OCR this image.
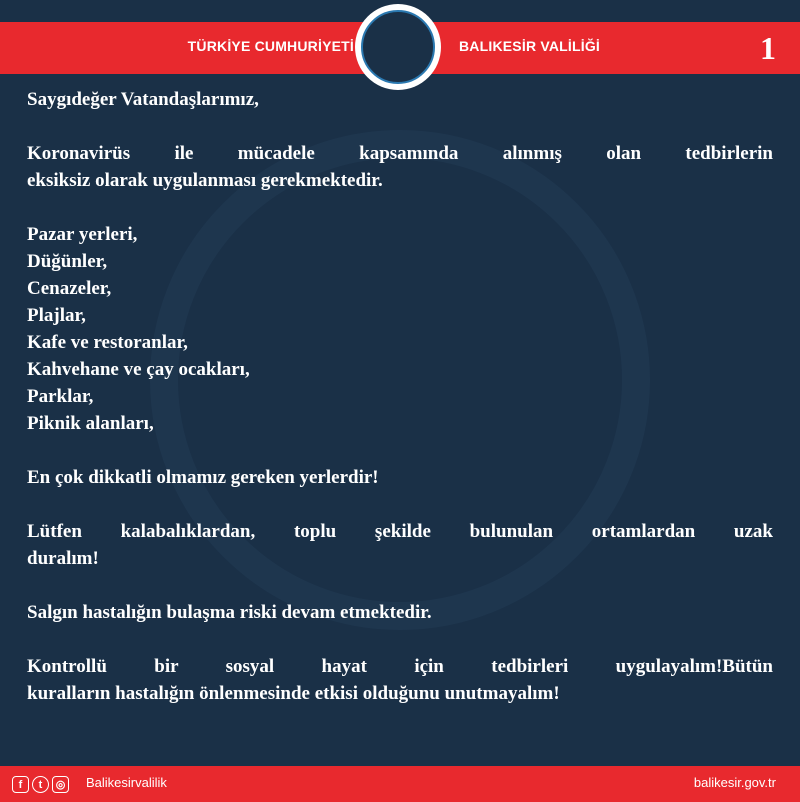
TÜRKİYE CUMHURİYETİ	BALIKESİR VALİLİĞİ	1

Saygıdeğer Vatandaşlarımız,

Koronavirüs ile mücadele kapsamında alınmış olan tedbirlerin

eksiksiz olarak uygulanması gerekmektedir.

Pazar yerleri,

Düğünler,

Cenazeler,

Plajlar,

Kafe ve restoranlar,

Kahvehane ve çay ocakları,

Parklar,

Piknik alanları,

En çok dikkatli olmamız gereken yerlerdir!

Lütfen kalabalıklardan, toplu şekilde bulunulan ortamlardan uzak

duralım!

Salgın hastalığın bulaşma riski devam etmektedir.

Kontrollü bir sosyal hayat için tedbirleri uygulayalım!Bütün

kuralların hastalığın önlenmesinde etkisi olduğunu unutmayalım!

f	t	◎ Balikesirvalilik	balikesir.gov.tr
